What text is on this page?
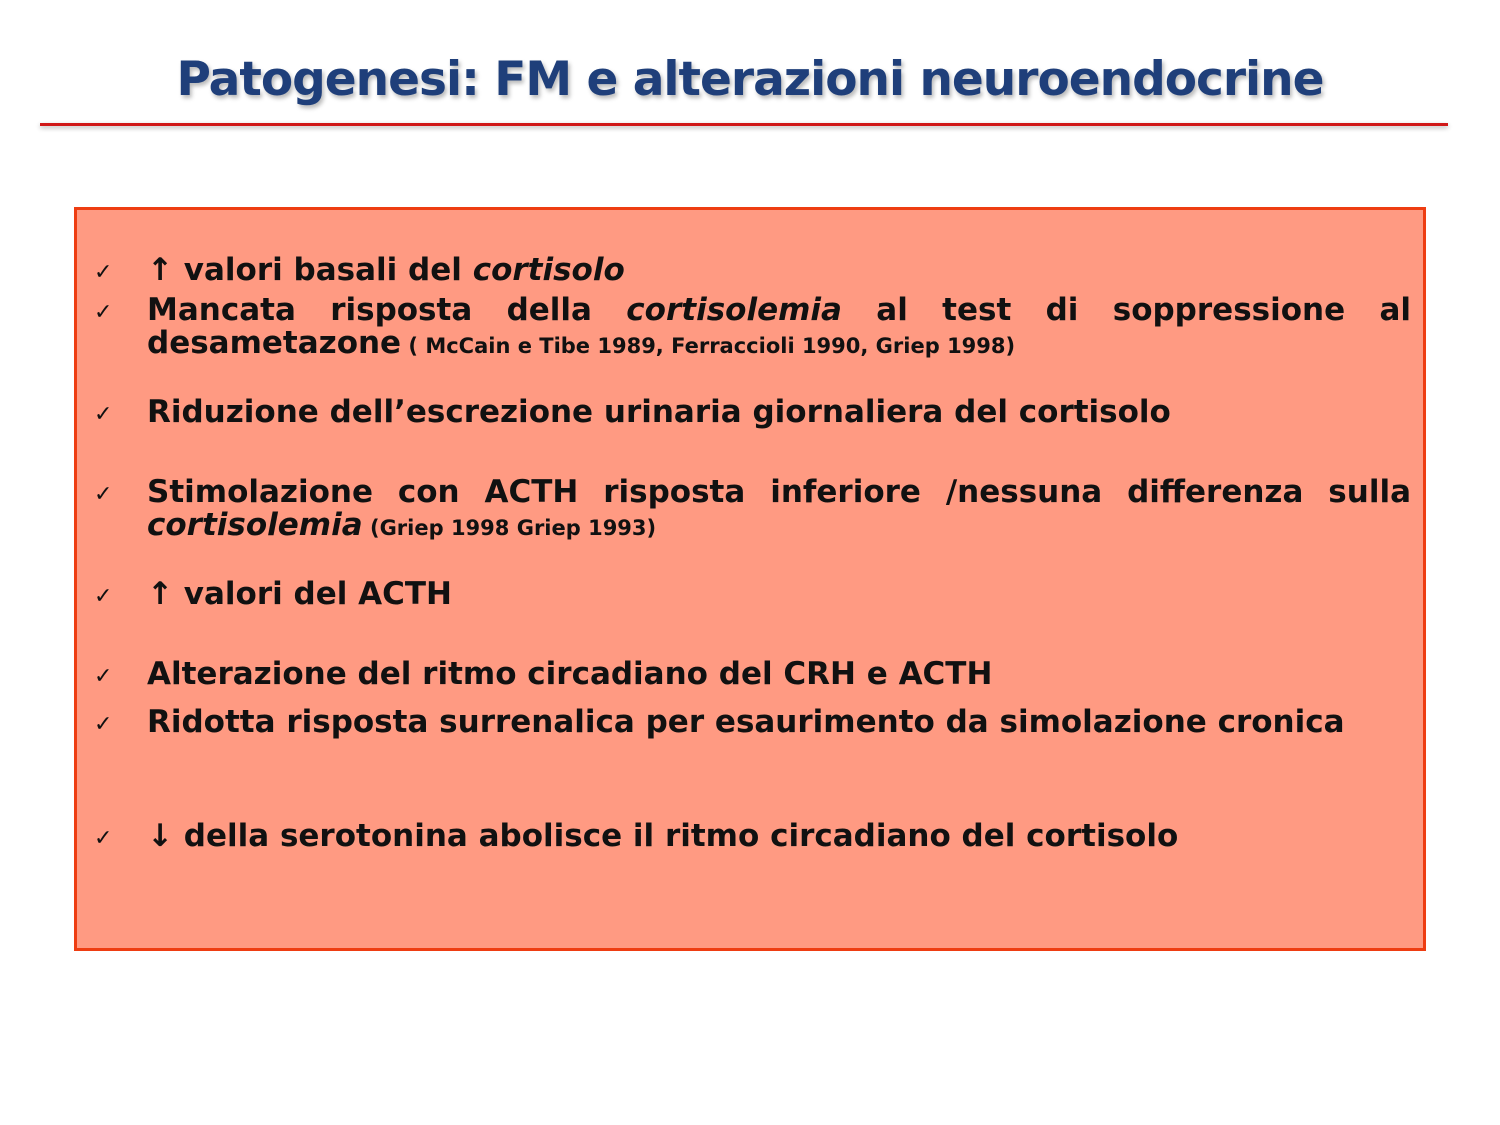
Patogenesi: FM e alterazioni neuroendocrine
✓ ↑ valori basali del cortisolo
✓ Mancata risposta della cortisolemia al test di soppressione al desametazone ( McCain e Tibe 1989, Ferraccioli 1990, Griep 1998)
✓ Riduzione dell’escrezione urinaria giornaliera del cortisolo
✓ Stimolazione con ACTH risposta inferiore /nessuna differenza sulla cortisolemia (Griep 1998 Griep 1993)
✓ ↑ valori del ACTH
✓ Alterazione del ritmo circadiano del CRH e ACTH
✓ Ridotta risposta surrenalica per esaurimento da simolazione cronica
✓ ↓ della serotonina abolisce il ritmo circadiano del cortisolo
